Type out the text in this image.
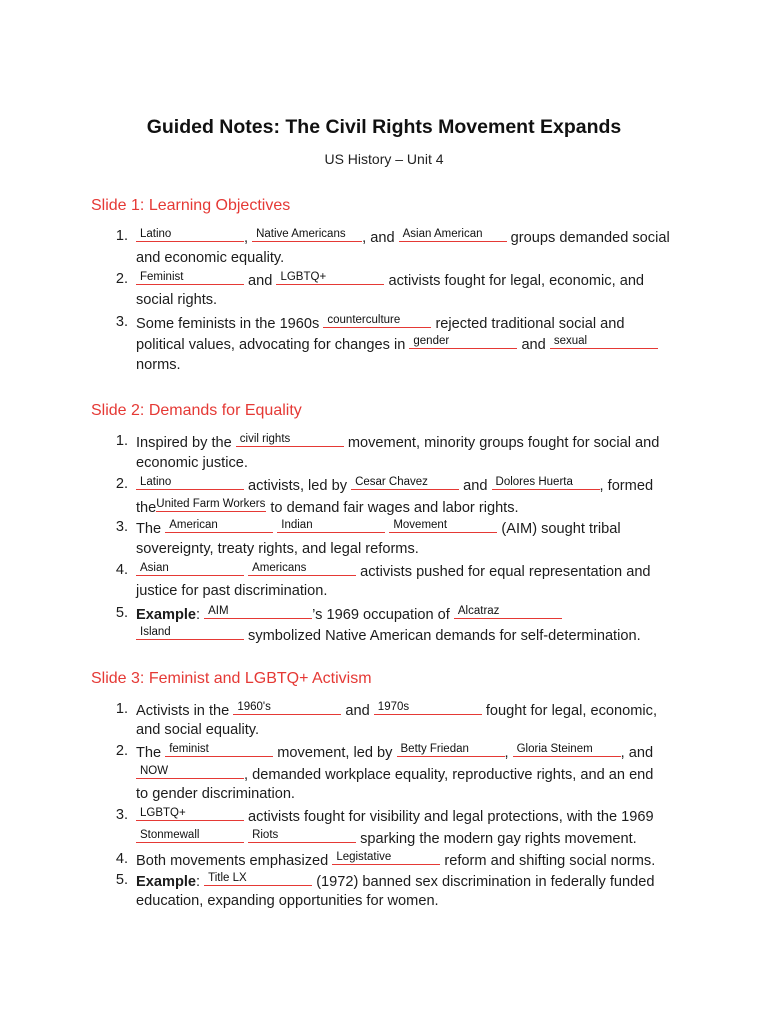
Guided Notes: The Civil Rights Movement Expands
US History – Unit 4
Slide 1: Learning Objectives
1. Latino	, Native Americans , and Asian American groups demanded social
and economic equality.
2. Feminist	and LGBTQ+	activists fought for legal, economic, and
social rights.
3. Some feminists in the 1960s counterculture rejected traditional social and
political values, advocating for changes in gender	and sexual
norms.
Slide 2: Demands for Equality
1. Inspired by the civil rights	movement, minority groups fought for social and
economic justice.
2. Latino	activists, led by Cesar Chavez and Dolores Huerta , formed
the United Farm Workers to demand fair wages and labor rights.
3. The American
	Indian
	Movement	(AIM) sought tribal
sovereignty, treaty rights, and legal reforms.
4. Asian
	Americans	activists pushed for equal representation and
justice for past discrimination.
5. Example: AIM	’s 1969 occupation of Alcatraz
Island	symbolized Native American demands for self-determination.
Slide 3: Feminist and LGBTQ+ Activism
1. Activists in the 1960's	and 1970s	fought for legal, economic,
and social equality.
2. The feminist	movement, led by Betty Friedan , Gloria Steinem , and
NOW	, demanded workplace equality, reproductive rights, and an end
to gender discrimination.
3. LGBTQ+	activists fought for visibility and legal protections, with the 1969
Stonmewall
	Riots	sparking the modern gay rights movement.
4. Both movements emphasized Legistative	reform and shifting social norms.
5. Example: Title LX	(1972) banned sex discrimination in federally funded
education, expanding opportunities for women.
